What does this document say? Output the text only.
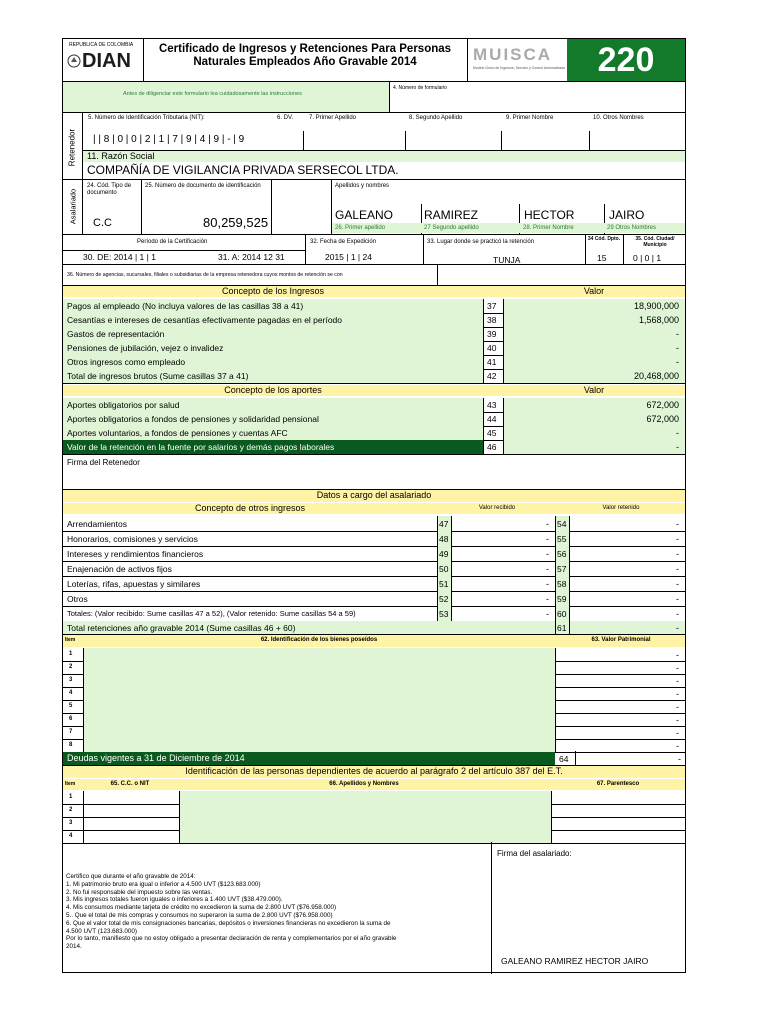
REPUBLICA DE COLOMBIA
DIAN
Certificado de Ingresos y Retenciones Para Personas
Naturales Empleados Año Gravable 2014	MUISCA
Modelo Único de Ingresos, Servicio y Control Automatizado 220
Antes de diligenciar este formulario lea cuidadosamente las instrucciones
4. Número de formulario
Retenedor
5. Número de Identificación Tributaria (NIT):	6. DV.	7. Primer Apellido	8. Segundo Apellido	9. Primer Nombre	10. Otros Nombres
| | 8 | 0 | 0 | 2 | 1 | 7 | 9 | 4 | 9 | - | 9
11. Razón Social
COMPAÑÍA DE VIGILANCIA PRIVADA SERSECOL LTDA.
Asalariado
24. Cód. Tipo de documento
25. Número de documento de identificación	Apellidos y nombres
C.C	80,259,525	GALEANO	RAMIREZ	HECTOR	JAIRO
26. Primer apellido	27 Segundo apellido	28. Primer Nombre	29 Otros Nombres
Período de la Certificación
30. DE: 2014 | 1 | 1	31. A: 2014 12 31
32. Fecha de Expedición
2015 | 1 | 24
33. Lugar donde se practicó la retención
TUNJA
34 Cód. Dpto.	35. Cód. Ciudad/ Municipio
15	0 | 0 | 1
36. Número de agencias, sucursales, filiales o subsidiarias de la empresa retenedora cuyos montos de retención se con
Concepto de los Ingresos	Valor
Pagos al empleado (No incluya valores de las casillas 38 a 41)	37	18,900,000
Cesantías e intereses de cesantías efectivamente pagadas en el período	38	1,568,000
Gastos de representación	39	-
Pensiones de jubilación, vejez o invalidez	40	-
Otros ingresos como empleado	41	-
Total de ingresos brutos (Sume casillas 37 a 41)	42	20,468,000
Concepto de los aportes	Valor
Aportes obligatorios por salud	43	672,000
Aportes obligatorios a fondos de pensiones y solidaridad pensional	44	672,000
Aportes voluntarios, a fondos de pensiones y cuentas AFC	45	-
Valor de la retención en la fuente por salarios y demás pagos laborales	46	-
Firma del Retenedor
Datos a cargo del asalariado
Concepto de otros ingresos	Valor recibido	Valor retenido
Arrendamientos	47	- 54	-
Honorarios, comisiones y servicios	48	- 55	-
Intereses y rendimientos financieros	49	- 56	-
Enajenación de activos fijos	50	- 57	-
Loterías, rifas, apuestas y similares	51	- 58	-
Otros	52	- 59	-
Totales: (Valor recibido: Sume casillas 47 a 52), (Valor retenido: Sume casillas 54 a 59)	53	- 60	-
Total retenciones año gravable 2014 (Sume casillas 46 + 60)	61	-
Item	62. Identificación de los bienes poseídos	63. Valor Patrimonial
1	-
2	-
3	-
4	-
5	-
6	-
7	-
8	-
Deudas vigentes a 31 de Diciembre de 2014	64	-
Identificación de las personas dependientes de acuerdo al parágrafo 2 del artículo 387 del E.T.
Item	65. C.C. o NIT	66. Apellidos y Nombres	67. Parentesco
1
2
3
4
Certifico que durante el año gravable de 2014:
1. Mi patrimonio bruto era igual o inferior a 4.500 UVT ($123.683.000)
2. No fui responsable del impuesto sobre las ventas.
3. Mis ingresos totales fueron iguales o inferiores a 1.400 UVT ($38.479.000).
4. Mis consumos mediante tarjeta de crédito no excedieron la suma de 2.800 UVT ($76.958.000)
5.. Que el total de mis compras y consumos no superaron la suma de 2.800 UVT ($76.958.000)
6. Que el valor total de mis consignaciones bancarias, depósitos o inversiones financieras no excedieron la suma de
4.500 UVT (123.683.000)
Por lo tanto, manifiesto que no estoy obligado a presentar declaración de renta y complementarios por el año gravable
2014.
Firma del asalariado:
GALEANO RAMIREZ HECTOR JAIRO
